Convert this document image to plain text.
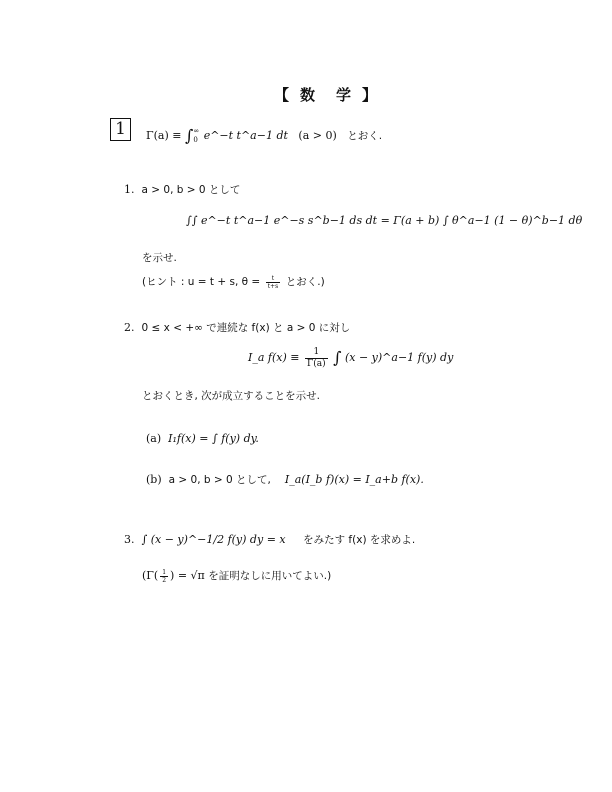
【 数 学 】
1	Γ(a) ≡ ∫ ∞
0 e^−t t^a−1 dt (a > 0) とおく.
1. a > 0, b > 0 として
∫∫ e^−t t^a−1 e^−s s^b−1 ds dt = Γ(a + b) ∫ θ^a−1 (1 − θ)^b−1 dθ
を示せ.
(ヒント : u = t + s, $\theta = \frac{t}{t+s}$ とおく.)
2. 0 ≤ x < +∞ で連続な f(x) と a > 0 に対し
I_a $f(x) \equiv \frac{1}{\Gamma(a)}$ ∫ (x − y)^a−1 f(y) dy
とおくとき, 次が成立することを示せ.
(a) I₁f(x) = ∫ f(y) dy.
(b) a > 0, b > 0 として, I_a(I_b f)(x) = I_a+b f(x).
3. ∫ (x − y)^−1/2 f(y) dy = x をみたす f(x) を求めよ.
($\Gamma( \frac{1}{2}$ ) = √π を証明なしに用いてよい.)
